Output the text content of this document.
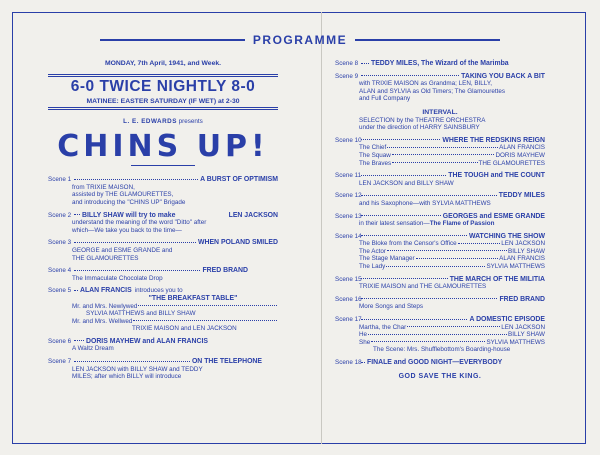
PROGRAMME
MONDAY, 7th April, 1941, and Week.
6-0 TWICE NIGHTLY 8-0
MATINEE: EASTER SATURDAY (IF WET) at 2-30
L. E. EDWARDS presents
CHINS UP!
Scene 1	A BURST OF OPTIMISM
from TRIXIE MAISON,
assisted by THE GLAMOURETTES,
and introducing the "CHINS UP" Brigade
Scene 2 BILLY SHAW will try to make	LEN JACKSON
understand the meaning of the word "Ditto" after
which—We take you back to the time—
Scene 3	WHEN POLAND SMILED
GEORGE and ESME GRANDE and
THE GLAMOURETTES
Scene 4	FRED BRAND
The Immaculate Chocolate Drop
Scene 5 ALAN FRANCIS introduces you to
"THE BREAKFAST TABLE"
Mr. and Mrs. Newlywed
SYLVIA MATTHEWS and BILLY SHAW
Mr. and Mrs. Wellwed
TRIXIE MAISON and LEN JACKSON
Scene 6 DORIS MAYHEW and ALAN FRANCIS
A Waltz Dream
Scene 7	ON THE TELEPHONE
LEN JACKSON with BILLY SHAW and TEDDY
MILES; after which BILLY will introduce
Scene 8 TEDDY MILES, The Wizard of the Marimba
Scene 9	TAKING YOU BACK A BIT
with TRIXIE MAISON as Grandma; LEN, BILLY,
ALAN and SYLVIA as Old Timers; The Glamourettes
and Full Company
INTERVAL.
SELECTION by the THEATRE ORCHESTRA
under the direction of HARRY SAINSBURY
Scene 10	WHERE THE REDSKINS REIGN
The Chief	ALAN FRANCIS
The Squaw	DORIS MAYHEW
The Braves	THE GLAMOURETTES
Scene 11	THE TOUGH and THE COUNT
LEN JACKSON and BILLY SHAW
Scene 12	TEDDY MILES
and his Saxophone—with SYLVIA MATTHEWS
Scene 13	GEORGES and ESME GRANDE
in their latest sensation—The Flame of Passion
Scene 14	WATCHING THE SHOW
The Bloke from the Censor's Office	LEN JACKSON
The Actor	BILLY SHAW
The Stage Manager	ALAN FRANCIS
The Lady	SYLVIA MATTHEWS
Scene 15	THE MARCH OF THE MILITIA
TRIXIE MAISON and THE GLAMOURETTES
Scene 16	FRED BRAND
More Songs and Steps
Scene 17	A DOMESTIC EPISODE
Martha, the Char	LEN JACKSON
He	BILLY SHAW
She	SYLVIA MATTHEWS
The Scene: Mrs. Shufflebottom's Boarding-house
Scene 18 FINALE and GOOD NIGHT—EVERYBODY
GOD SAVE THE KING.
